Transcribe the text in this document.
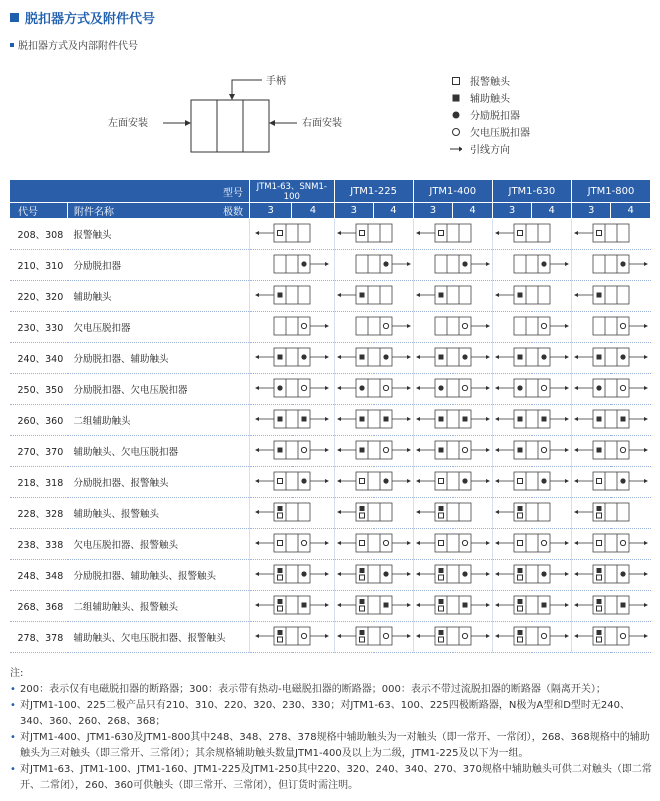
脱扣器方式及附件代号
脱扣器方式及内部附件代号
手柄
左面安装	右面安装
报警触头
辅助触头
分励脱扣器
欠电压脱扣器
引线方向
型号		JTM1-63、SNM1-100		JTM1-225		JTM1-400		JTM1-630		JTM1-800	
代号	附件名称 极数	3	4	3	4	3	4	3	4	3	4
208、308	报警触头					
210、310	分励脱扣器					
220、320	辅助触头					
230、330	欠电压脱扣器					
240、340	分励脱扣器、辅助触头					
250、350	分励脱扣器、欠电压脱扣器					
260、360	二组辅助触头					
270、370	辅助触头、欠电压脱扣器					
218、318	分励脱扣器、报警触头					
228、328	辅助触头、报警触头					
238、338	欠电压脱扣器、报警触头					
248、348	分励脱扣器、辅助触头、报警触头					
268、368	二组辅助触头、报警触头					
278、378	辅助触头、欠电压脱扣器、报警触头					
注:
• 200：表示仅有电磁脱扣器的断路器；300：表示带有热动-电磁脱扣器的断路器；000：表示不带过流脱扣器的断路器（隔离开关）；
• 对JTM1-100、225二极产品只有210、310、220、320、230、330；对JTM1-63、100、225四极断路器，N极为A型和D型时无240、340、360、260、268、368；
• 对JTM1-400、JTM1-630及JTM1-800其中248、348、278、378规格中辅助触头为一对触头（即一常开、一常闭），268、368规格中的辅助触头为三对触头（即三常开、三常闭）；其余规格辅助触头数量JTM1-400及以上为二级，JTM1-225及以下为一组。
• 对JTM1-63、JTM1-100、JTM1-160、JTM1-225及JTM1-250其中220、320、240、340、270、370规格中辅助触头可供二对触头（即二常开、二常闭），260、360可供触头（即三常开、三常闭），但订货时需注明。
